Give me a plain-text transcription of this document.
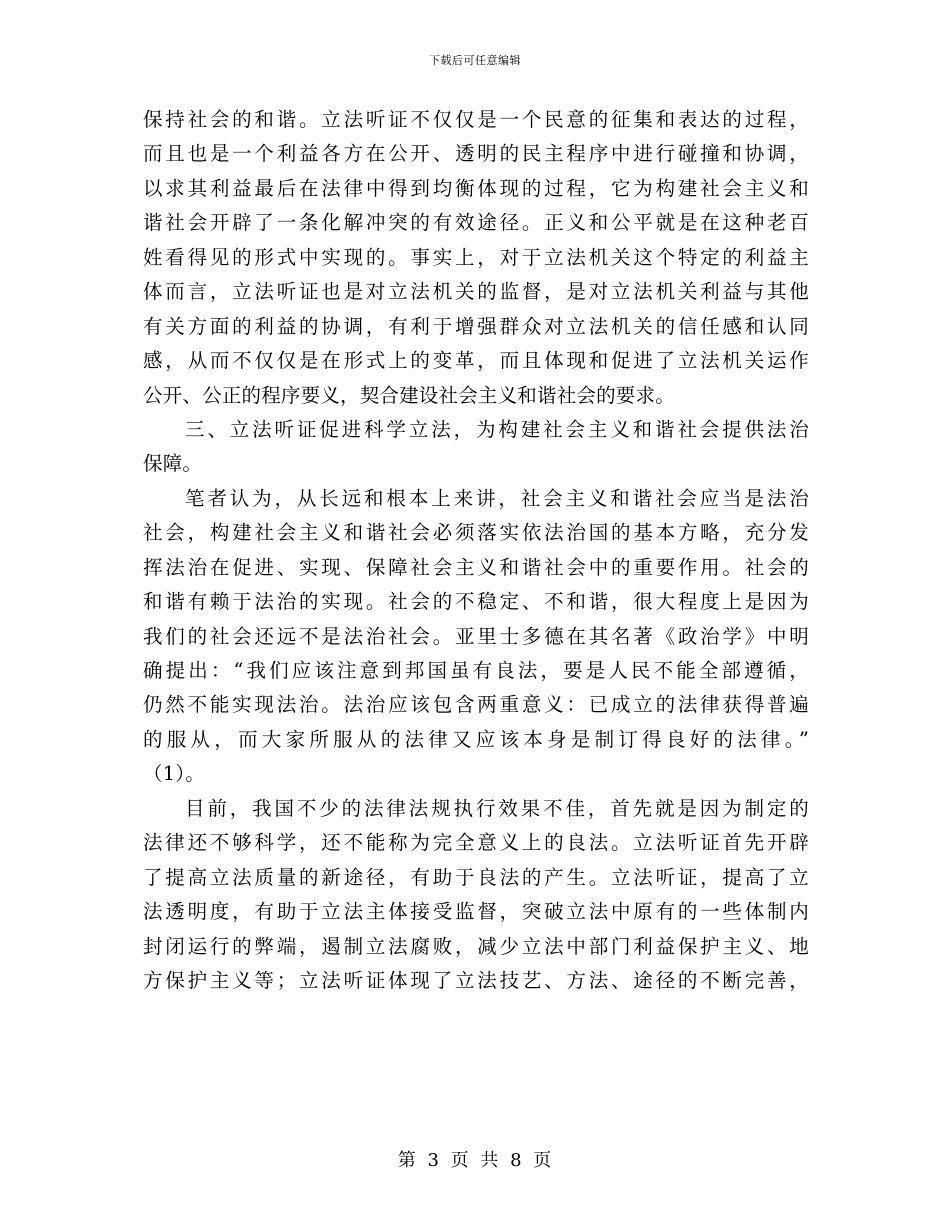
下载后可任意编辑
保持社会的和谐。立法听证不仅仅是一个民意的征集和表达的过程，
而且也是一个利益各方在公开、透明的民主程序中进行碰撞和协调，
以求其利益最后在法律中得到均衡体现的过程，它为构建社会主义和
谐社会开辟了一条化解冲突的有效途径。正义和公平就是在这种老百
姓看得见的形式中实现的。事实上，对于立法机关这个特定的利益主
体而言，立法听证也是对立法机关的监督，是对立法机关利益与其他
有关方面的利益的协调，有利于增强群众对立法机关的信任感和认同
感，从而不仅仅是在形式上的变革，而且体现和促进了立法机关运作
公开、公正的程序要义，契合建设社会主义和谐社会的要求。
三、立法听证促进科学立法，为构建社会主义和谐社会提供法治
保障。
笔者认为，从长远和根本上来讲，社会主义和谐社会应当是法治
社会，构建社会主义和谐社会必须落实依法治国的基本方略，充分发
挥法治在促进、实现、保障社会主义和谐社会中的重要作用。社会的
和谐有赖于法治的实现。社会的不稳定、不和谐，很大程度上是因为
我们的社会还远不是法治社会。亚里士多德在其名著《政治学》中明
确提出：“我们应该注意到邦国虽有良法，要是人民不能全部遵循，
仍然不能实现法治。法治应该包含两重意义：已成立的法律获得普遍
的服从，而大家所服从的法律又应该本身是制订得良好的法律。”
（1）。
目前，我国不少的法律法规执行效果不佳，首先就是因为制定的
法律还不够科学，还不能称为完全意义上的良法。立法听证首先开辟
了提高立法质量的新途径，有助于良法的产生。立法听证，提高了立
法透明度，有助于立法主体接受监督，突破立法中原有的一些体制内
封闭运行的弊端，遏制立法腐败，减少立法中部门利益保护主义、地
方保护主义等；立法听证体现了立法技艺、方法、途径的不断完善，
第 3 页 共 8 页
